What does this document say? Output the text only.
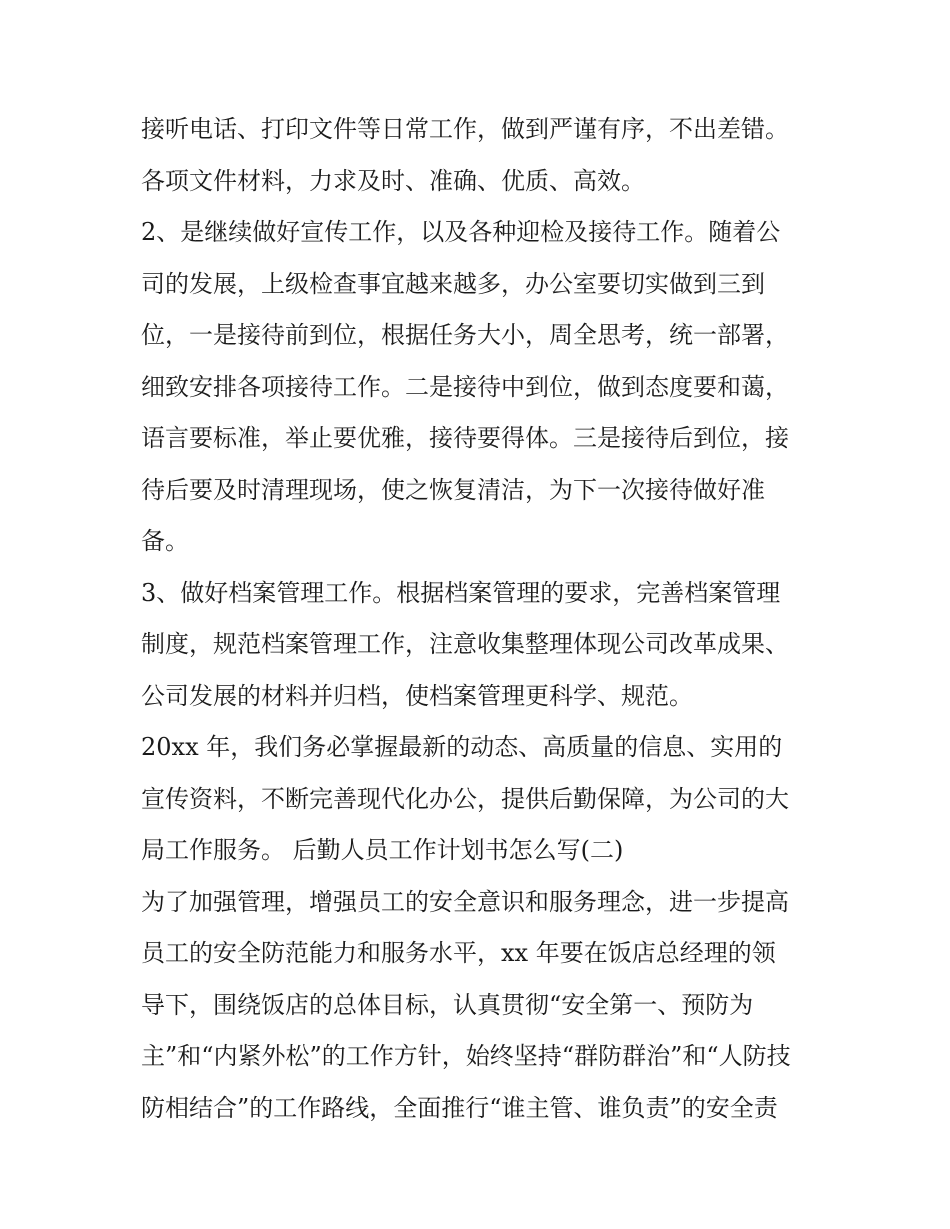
接听电话、打印文件等日常工作，做到严谨有序，不出差错。
各项文件材料，力求及时、准确、优质、高效。
2、是继续做好宣传工作，以及各种迎检及接待工作。随着公
司的发展，上级检查事宜越来越多，办公室要切实做到三到
位，一是接待前到位，根据任务大小，周全思考，统一部署，
细致安排各项接待工作。二是接待中到位，做到态度要和蔼，
语言要标准，举止要优雅，接待要得体。三是接待后到位，接
待后要及时清理现场，使之恢复清洁，为下一次接待做好准
备。
3、做好档案管理工作。根据档案管理的要求，完善档案管理
制度，规范档案管理工作，注意收集整理体现公司改革成果、
公司发展的材料并归档，使档案管理更科学、规范。
20xx 年，我们务必掌握最新的动态、高质量的信息、实用的
宣传资料，不断完善现代化办公，提供后勤保障，为公司的大
局工作服务。 后勤人员工作计划书怎么写(二)
为了加强管理，增强员工的安全意识和服务理念，进一步提高
员工的安全防范能力和服务水平，xx 年要在饭店总经理的领
导下，围绕饭店的总体目标，认真贯彻“安全第一、预防为
主”和“内紧外松”的工作方针，始终坚持“群防群治”和“人防技
防相结合”的工作路线，全面推行“谁主管、谁负责”的安全责
